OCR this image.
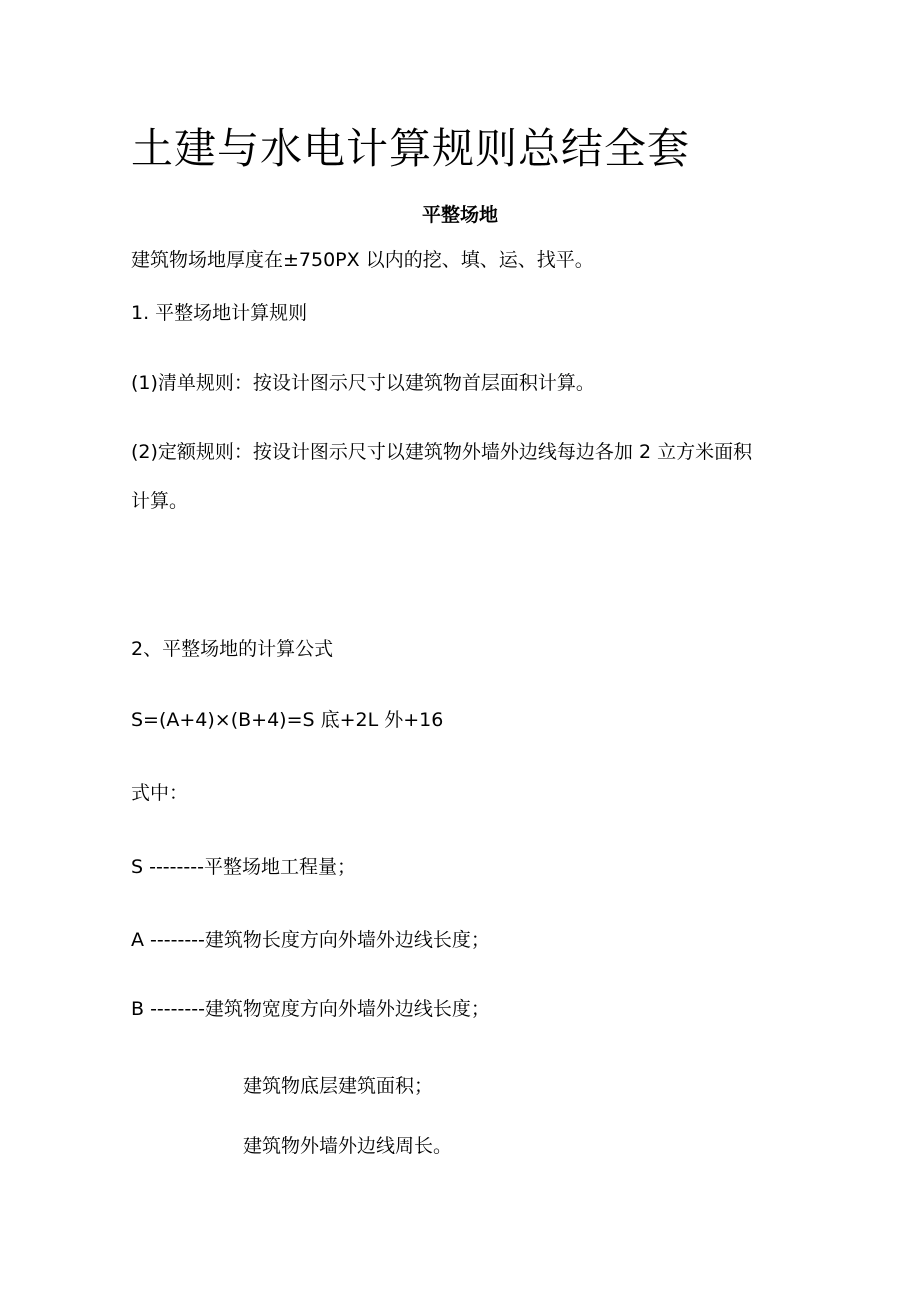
土建与水电计算规则总结全套
平整场地
建筑物场地厚度在±750PX 以内的挖、填、运、找平。
1. 平整场地计算规则
(1)清单规则：按设计图示尺寸以建筑物首层面积计算。
(2)定额规则：按设计图示尺寸以建筑物外墙外边线每边各加 2 立方米面积
计算。
2、平整场地的计算公式
S=(A+4)×(B+4)=S 底+2L 外+16
式中：
S --------平整场地工程量；
A --------建筑物长度方向外墙外边线长度；
B --------建筑物宽度方向外墙外边线长度；
建筑物底层建筑面积；
建筑物外墙外边线周长。
